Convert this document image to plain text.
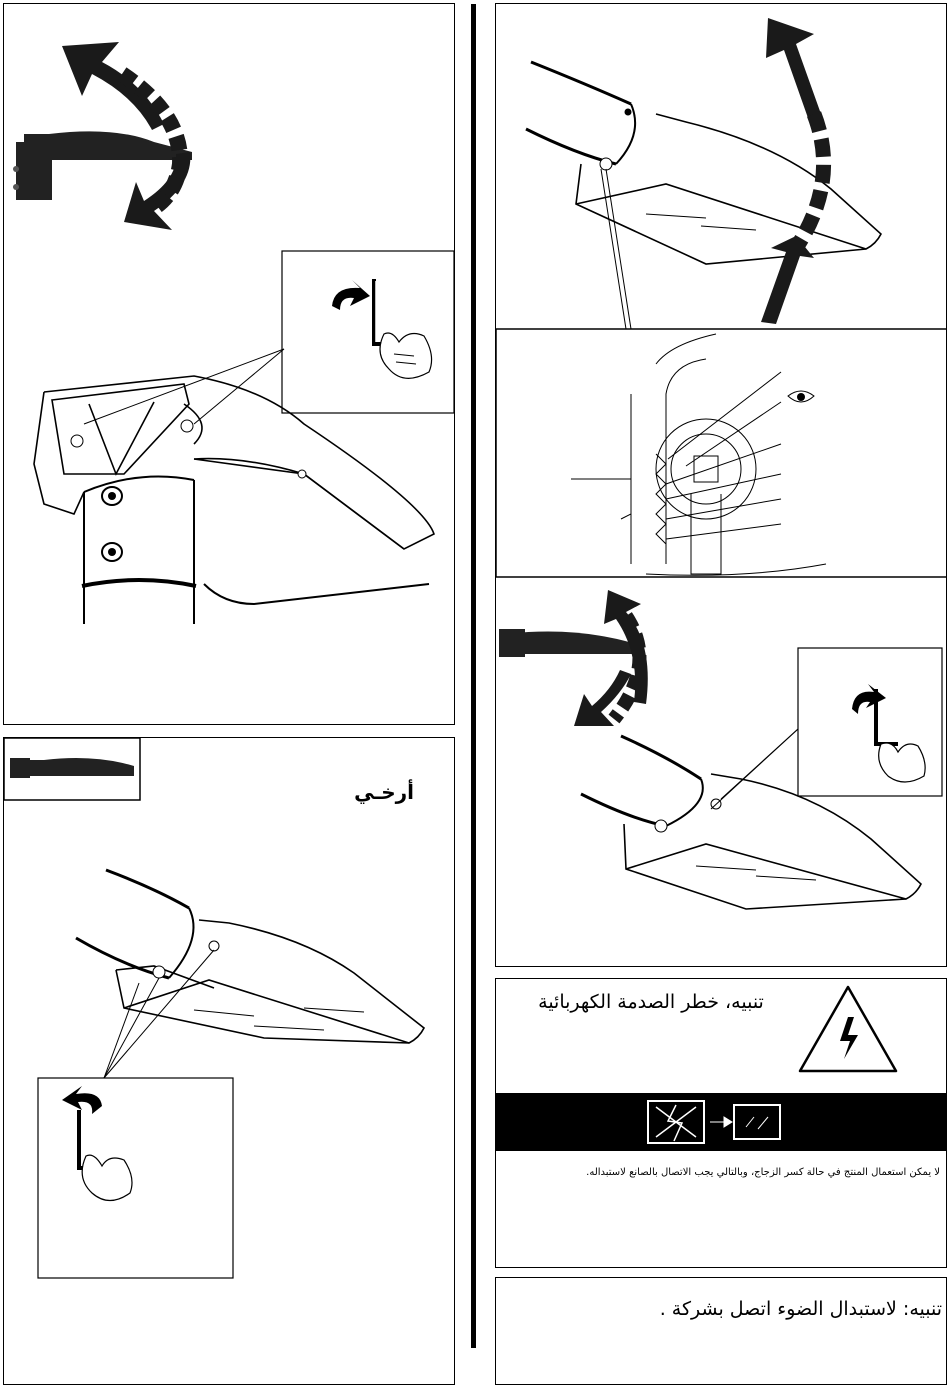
أرخـي
تنبيه، خطر الصدمة الكهربائية
لا يمكن استعمال المنتج في حالة كسر الزجاج، وبالتالي يجب الاتصال بالصانع لاستبداله.
تنبيه: لاستبدال الضوء اتصل بشركة .
